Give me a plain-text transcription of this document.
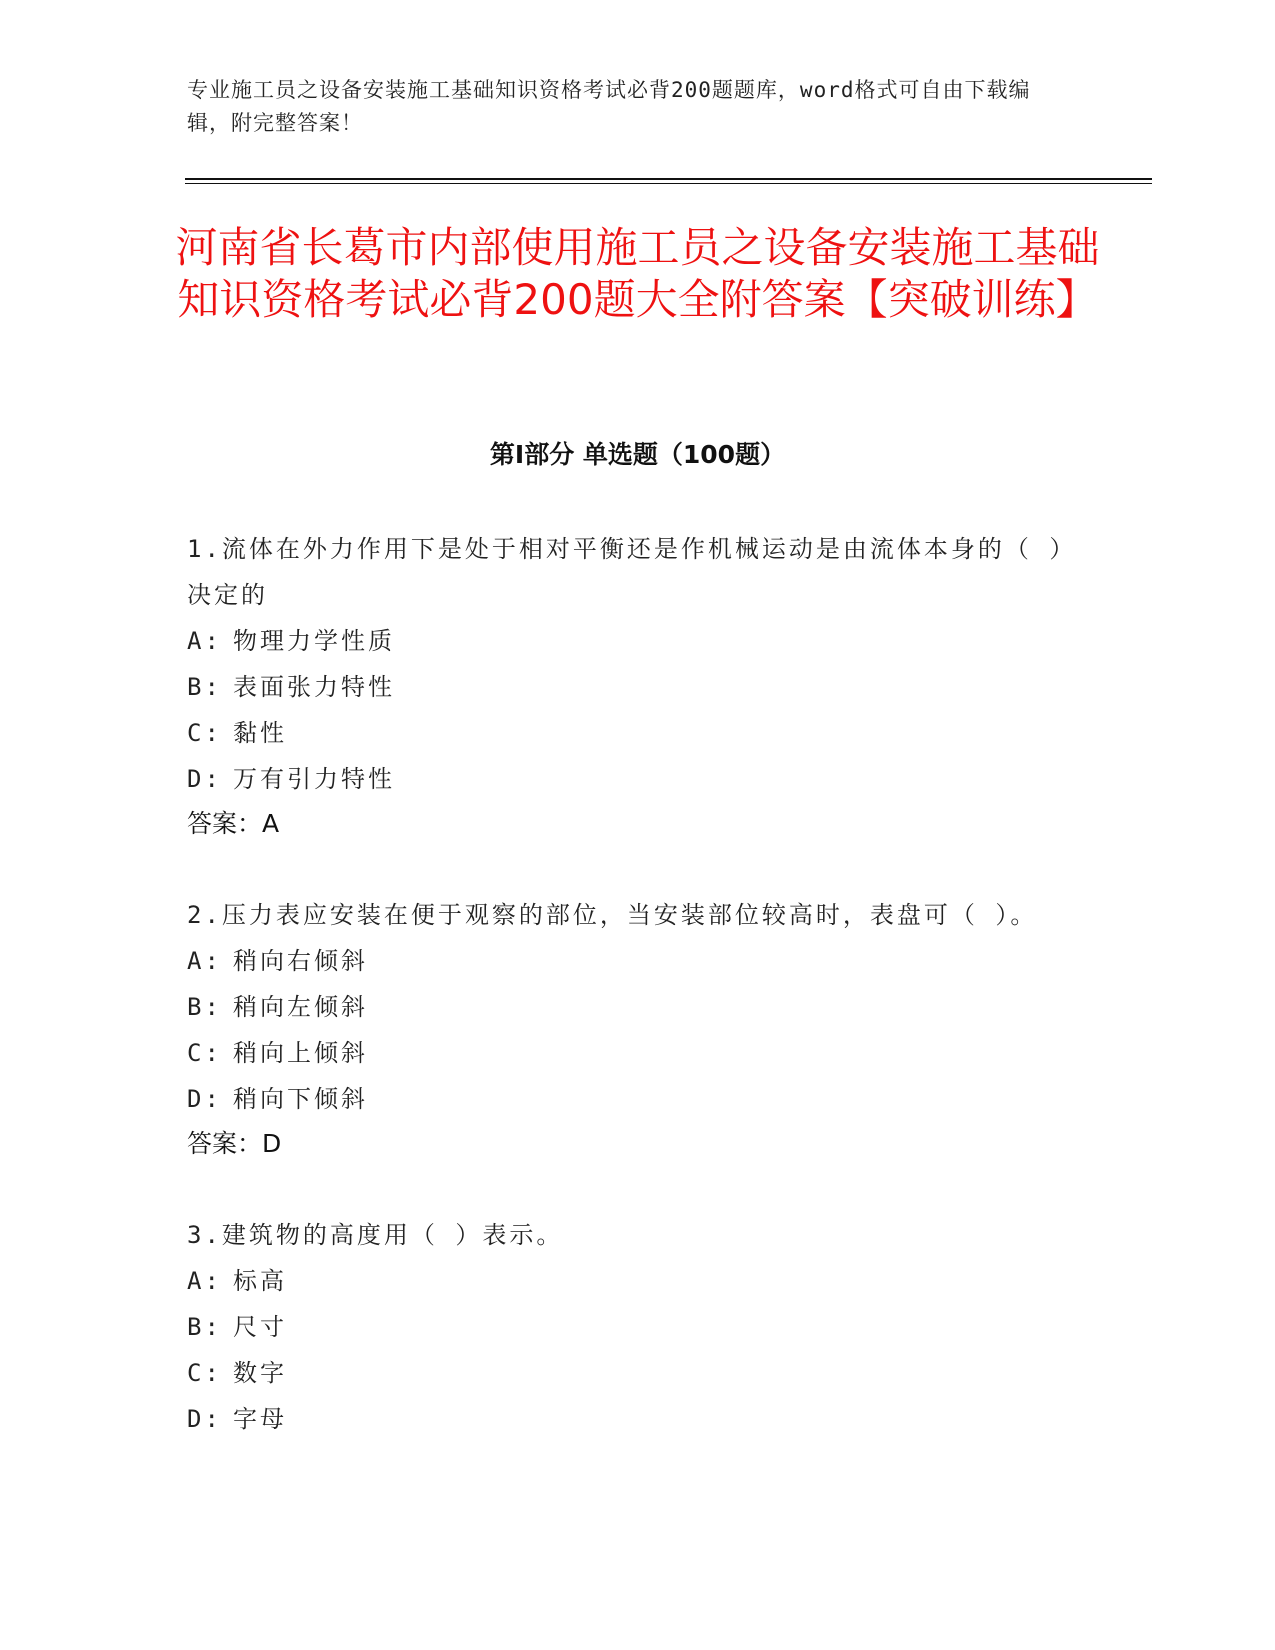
专业施工员之设备安装施工基础知识资格考试必背200题题库，word格式可自由下载编辑，附完整答案！
河南省长葛市内部使用施工员之设备安装施工基础知识资格考试必背200题大全附答案【突破训练】
第I部分 单选题（100题）

1.流体在外力作用下是处于相对平衡还是作机械运动是由流体本身的（ ）决定的

A: 物理力学性质

B: 表面张力特性

C: 黏性

D: 万有引力特性

答案：A

2.压力表应安装在便于观察的部位，当安装部位较高时，表盘可（ ）。

A: 稍向右倾斜

B: 稍向左倾斜

C: 稍向上倾斜

D: 稍向下倾斜

答案：D

3.建筑物的高度用（ ）表示。

A: 标高

B: 尺寸

C: 数字

D: 字母
